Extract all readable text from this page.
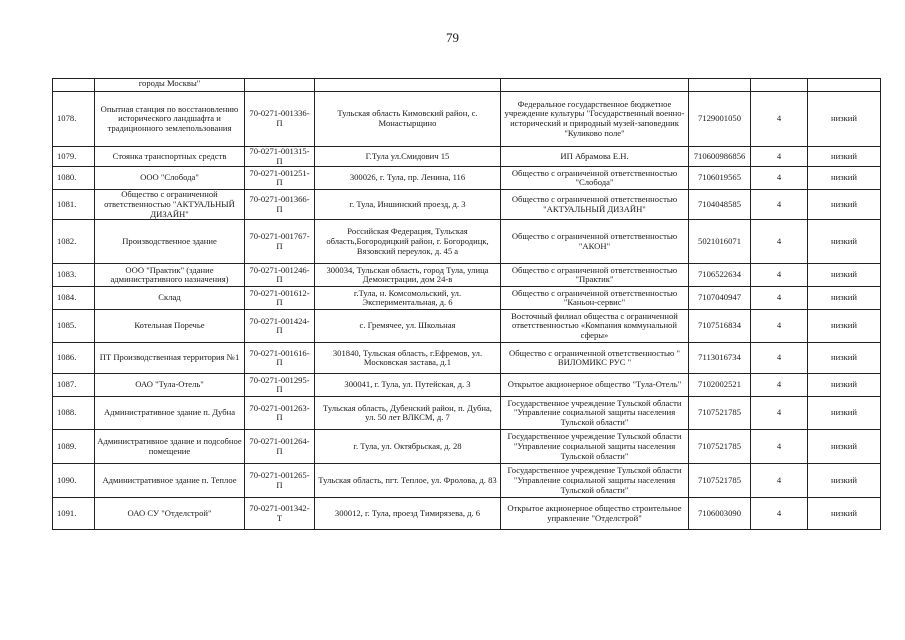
79
	городы Москвы"						
1078.	Опытная станция по восстановлению исторического ландшафта и традиционного землепользования	70-0271-001336-П	Тульская область Кимовский район, с. Монастырщино	Федеральное государственное бюджетное учреждение культуры "Государственный военно-исторический и природный музей-заповедник "Куликово поле"	7129001050	4	низкий
1079.	Стоянка транспортных средств	70-0271-001315-П	Г.Тула ул.Смидович 15	ИП Абрамова Е.Н.	710600986856	4	низкий
1080.	ООО "Слобода"	70-0271-001251-П	300026, г. Тула, пр. Ленина, 116	Общество с ограниченной ответственностью "Слобода"	7106019565	4	низкий
1081.	Общество с ограниченной ответственностью "АКТУАЛЬНЫЙ ДИЗАЙН"	70-0271-001366-П	г. Тула, Иншинский проезд, д. 3	Общество с ограниченной ответственностью "АКТУАЛЬНЫЙ ДИЗАЙН"	7104048585	4	низкий
1082.	Производственное здание	70-0271-001767-П	Российская Федерация, Тульская область,Богородицкий район, г. Богородицк, Вязовский переулок, д. 45 а	Общество с ограниченной ответственностью "АКОН"	5021016071	4	низкий
1083.	ООО "Практик" (здание административного назначения)	70-0271-001246-П	300034, Тульская область, город Тула, улица Демонстрации, дом 24-в	Общество с ограниченной ответственностью "Практик"	7106522634	4	низкий
1084.	Склад	70-0271-001612-П	г.Тула, н. Комсомольский, ул. Экспериментальная, д. 6	Общество с ограниченной ответственностью "Каньон-сервис"	7107040947	4	низкий
1085.	Котельная Поречье	70-0271-001424-П	с. Гремячее, ул. Школьная	Восточный филиал общества с ограниченной ответственностью «Компания коммунальной сферы»	7107516834	4	низкий
1086.	ПТ Производственная территория №1	70-0271-001616-П	301840, Тульская область, г.Ефремов, ул. Московская застава, д.1	Общество с ограниченной ответственностью " ВИЛОМИКС РУС "	7113016734	4	низкий
1087.	ОАО "Тула-Отель"	70-0271-001295-П	300041, г. Тула, ул. Путейская, д. 3	Открытое акционерное общество "Тула-Отель"	7102002521	4	низкий
1088.	Административное здание п. Дубна	70-0271-001263-П	Тульская область, Дубенский район, п. Дубна, ул. 50 лет ВЛКСМ, д. 7	Государственное учреждение Тульской области "Управление социальной защиты населения Тульской области"	7107521785	4	низкий
1089.	Административное здание и подсобное помещение	70-0271-001264-П	г. Тула, ул. Октябрьская, д. 28	Государственное учреждение Тульской области "Управление социальной защиты населения Тульской области"	7107521785	4	низкий
1090.	Административное здание п. Теплое	70-0271-001265-П	Тульская область, пгт. Теплое, ул. Фролова, д. 83	Государственное учреждение Тульской области "Управление социальной защиты населения Тульской области"	7107521785	4	низкий
1091.	ОАО СУ "Отделстрой"	70-0271-001342-Т	300012, г. Тула, проезд Тимирязева, д. 6	Открытое акционерное общество строительное управление "Отделстрой"	7106003090	4	низкий
